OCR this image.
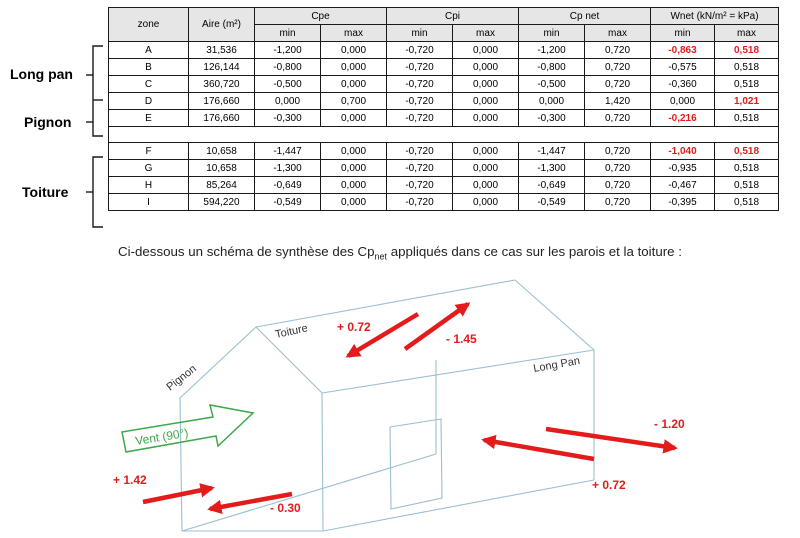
zone	Aire (m²)	Cpe		Cpi		Cp net		Wnet (kN/m² = kPa)	
		min	max	min	max	min	max	min	max
A	31,536	-1,200	0,000	-0,720	0,000	-1,200	0,720	-0,863	0,518
B	126,144	-0,800	0,000	-0,720	0,000	-0,800	0,720	-0,575	0,518
C	360,720	-0,500	0,000	-0,720	0,000	-0,500	0,720	-0,360	0,518
D	176,660	0,000	0,700	-0,720	0,000	0,000	1,420	0,000	1,021
E	176,660	-0,300	0,000	-0,720	0,000	-0,300	0,720	-0,216	0,518

F	10,658	-1,447	0,000	-0,720	0,000	-1,447	0,720	-1,040	0,518
G	10,658	-1,300	0,000	-0,720	0,000	-1,300	0,720	-0,935	0,518
H	85,264	-0,649	0,000	-0,720	0,000	-0,649	0,720	-0,467	0,518
I	594,220	-0,549	0,000	-0,720	0,000	-0,549	0,720	-0,395	0,518
Long pan
Pignon
Toiture
Ci-dessous un schéma de synthèse des $Cp_{net}$ appliqués dans ce cas sur les parois et la toiture :
Toiture
Pignon	Long Pan
Vent (90°)
+ 0.72
- 1.45
- 1.20
+ 0.72
+ 1.42
- 0.30
